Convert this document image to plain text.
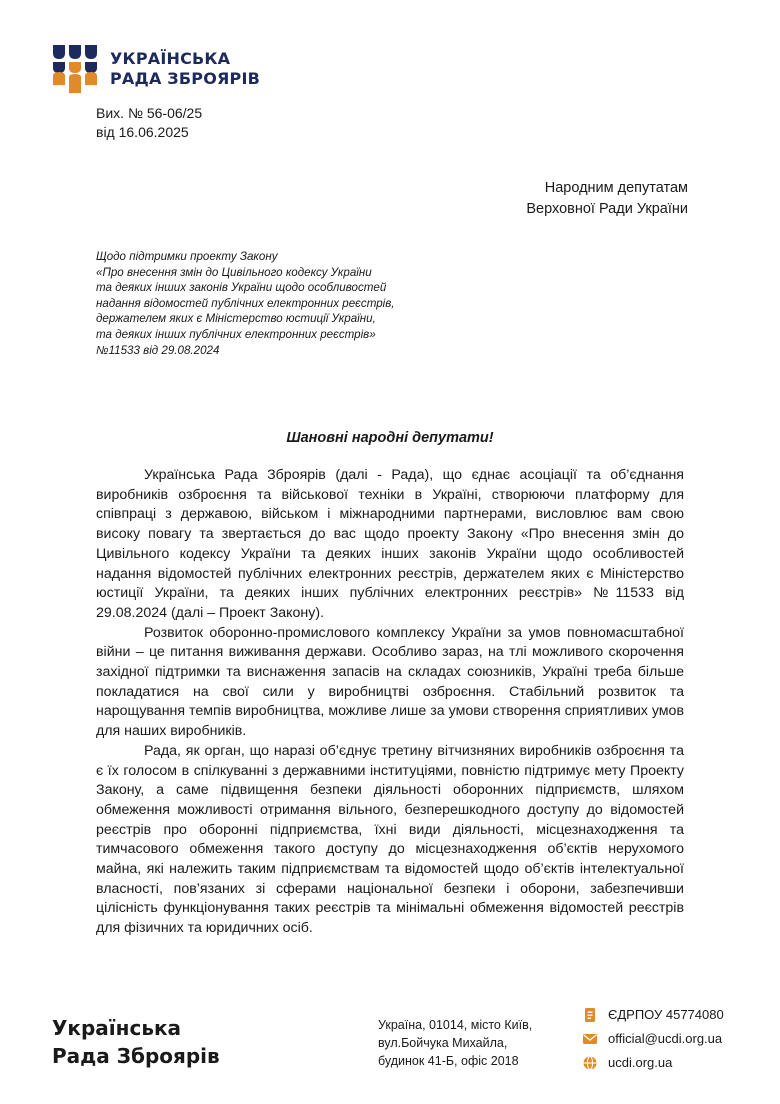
УКРАЇНСЬКА
РАДА ЗБРОЯРІВ
Вих. № 56-06/25
від 16.06.2025
Народним депутатам
Верховної Ради України
Щодо підтримки проекту Закону
«Про внесення змін до Цивільного кодексу України
та деяких інших законів України щодо особливостей
надання відомостей публічних електронних реєстрів,
держателем яких є Міністерство юстиції України,
та деяких інших публічних електронних реєстрів»
№11533 від 29.08.2024
Шановні народні депутати!

Українська Рада Зброярів (далі - Рада), що єднає асоціації та об’єднання виробників озброєння та військової техніки в Україні, створюючи платформу для співпраці з державою, військом і міжнародними партнерами, висловлює вам свою високу повагу та звертається до вас щодо проекту Закону «Про внесення змін до Цивільного кодексу України та деяких інших законів України щодо особливостей надання відомостей публічних електронних реєстрів, держателем яких є Міністерство юстиції України, та деяких інших публічних електронних реєстрів» №11533 від 29.08.2024 (далі – Проект Закону).

Розвиток оборонно-промислового комплексу України за умов повномасштабної війни – це питання виживання держави. Особливо зараз, на тлі можливого скорочення західної підтримки та виснаження запасів на складах союзників, Україні треба більше покладатися на свої сили у виробництві озброєння. Стабільний розвиток та нарощування темпів виробництва, можливе лише за умови створення сприятливих умов для наших виробників.

Рада, як орган, що наразі об’єднує третину вітчизняних виробників озброєння та є їх голосом в спілкуванні з державними інституціями, повністю підтримує мету Проекту Закону, а саме підвищення безпеки діяльності оборонних підприємств, шляхом обмеження можливості отримання вільного, безперешкодного доступу до відомостей реєстрів про оборонні підприємства, їхні види діяльності, місцезнаходження та тимчасового обмеження такого доступу до місцезнаходження об’єктів нерухомого майна, які належить таким підприємствам та відомостей щодо об’єктів інтелектуальної власності, пов’язаних зі сферами національної безпеки і оборони, забезпечивши цілісність функціонування таких реєстрів та мінімальні обмеження відомостей реєстрів для фізичних та юридичних осіб.

Українська
Рада Зброярів
Україна, 01014, місто Київ,
вул.Бойчука Михайла,
будинок 41-Б, офіс 2018
ЄДРПОУ 45774080
official@ucdi.org.ua
ucdi.org.ua
